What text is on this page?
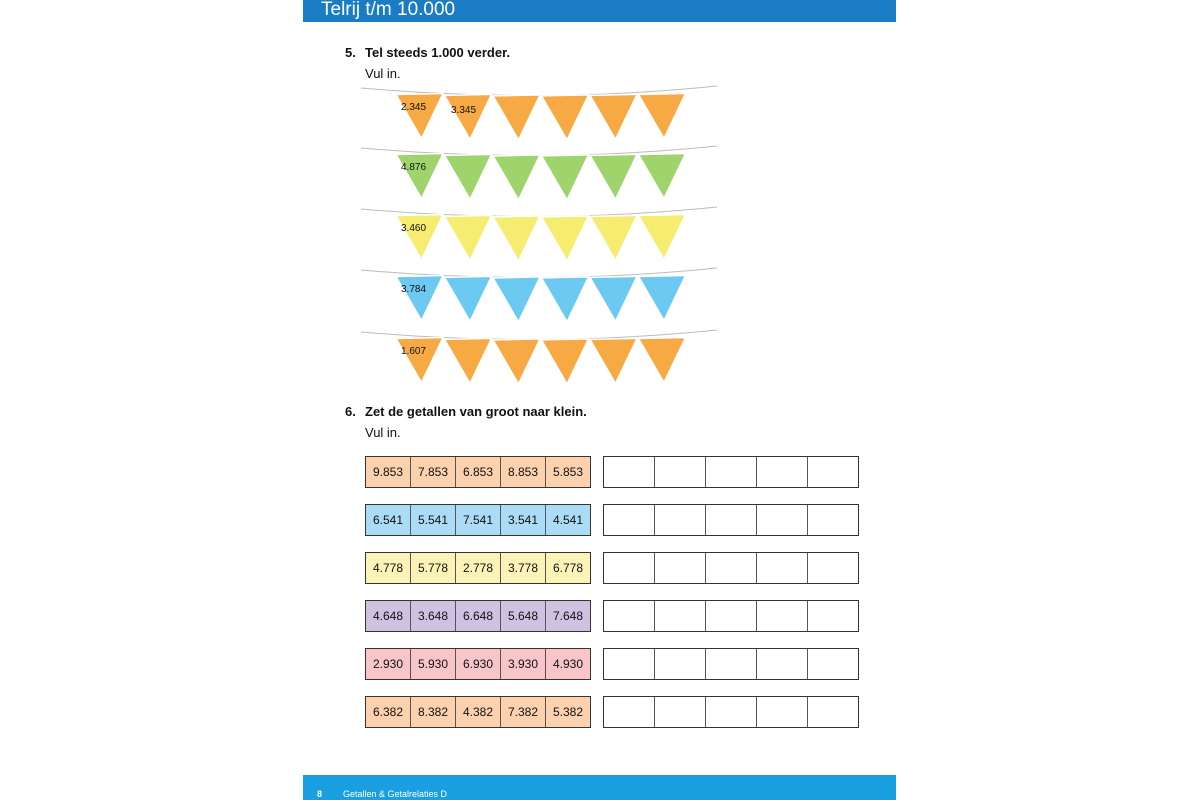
Telrij t/m 10.000
5. Tel steeds 1.000 verder.
Vul in.
2.345 3.345
4.876
3.460
3.784
1.607
6. Zet de getallen van groot naar klein.
Vul in.
9.853	7.853	6.853	8.853	5.853
6.541	5.541	7.541	3.541	4.541
4.778	5.778	2.778	3.778	6.778
4.648	3.648	6.648	5.648	7.648
2.930	5.930	6.930	3.930	4.930
6.382	8.382	4.382	7.382	5.382
8 Getallen & Getalrelaties D
